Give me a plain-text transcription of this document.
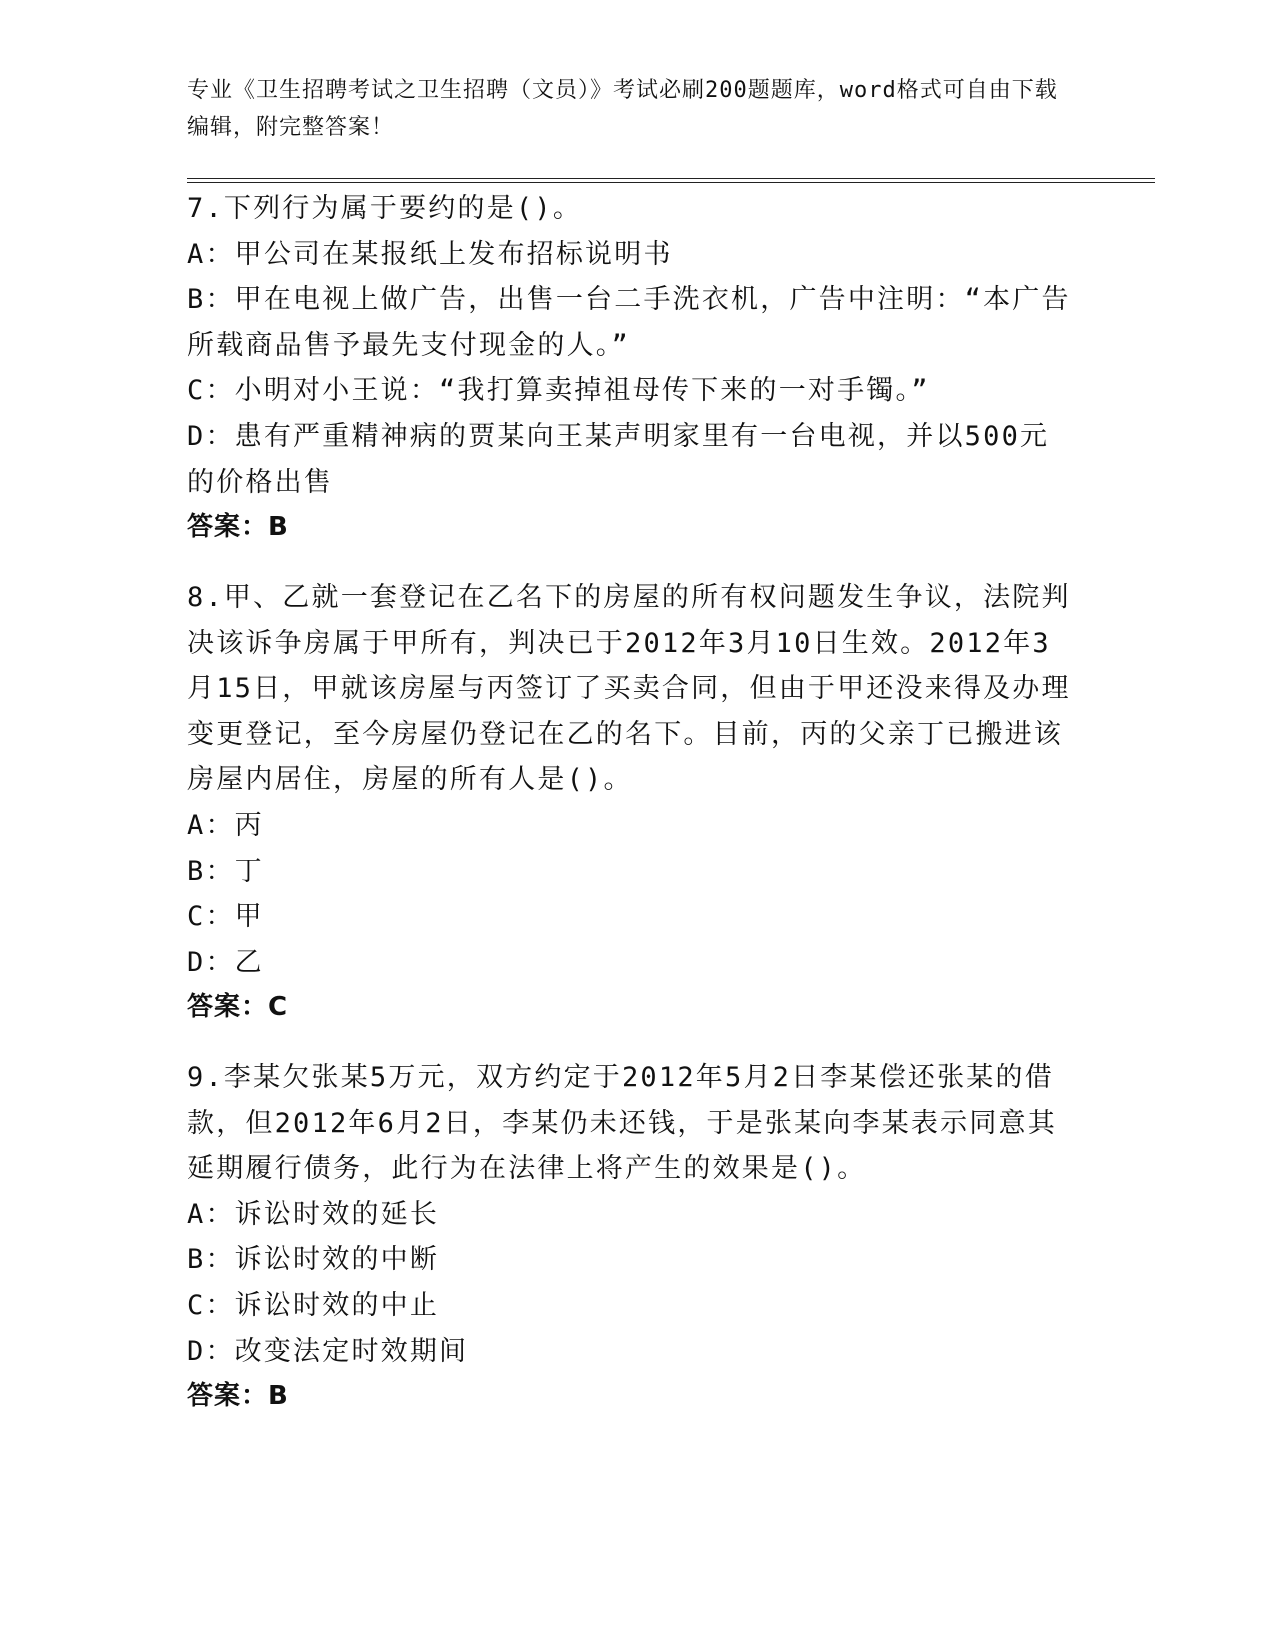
专业《卫生招聘考试之卫生招聘（文员）》考试必刷200题题库，word格式可自由下载编辑，附完整答案！
7.下列行为属于要约的是()。
A：甲公司在某报纸上发布招标说明书
B：甲在电视上做广告，出售一台二手洗衣机，广告中注明：“本广告所载商品售予最先支付现金的人。”
C：小明对小王说：“我打算卖掉祖母传下来的一对手镯。”
D：患有严重精神病的贾某向王某声明家里有一台电视，并以500元的价格出售
答案：B
8.甲、乙就一套登记在乙名下的房屋的所有权问题发生争议，法院判决该诉争房属于甲所有，判决已于2012年3月10日生效。2012年3月15日，甲就该房屋与丙签订了买卖合同，但由于甲还没来得及办理变更登记，至今房屋仍登记在乙的名下。目前，丙的父亲丁已搬进该房屋内居住，房屋的所有人是()。
A：丙
B：丁
C：甲
D：乙
答案：C
9.李某欠张某5万元，双方约定于2012年5月2日李某偿还张某的借款，但2012年6月2日，李某仍未还钱，于是张某向李某表示同意其延期履行债务，此行为在法律上将产生的效果是()。
A：诉讼时效的延长
B：诉讼时效的中断
C：诉讼时效的中止
D：改变法定时效期间
答案：B
